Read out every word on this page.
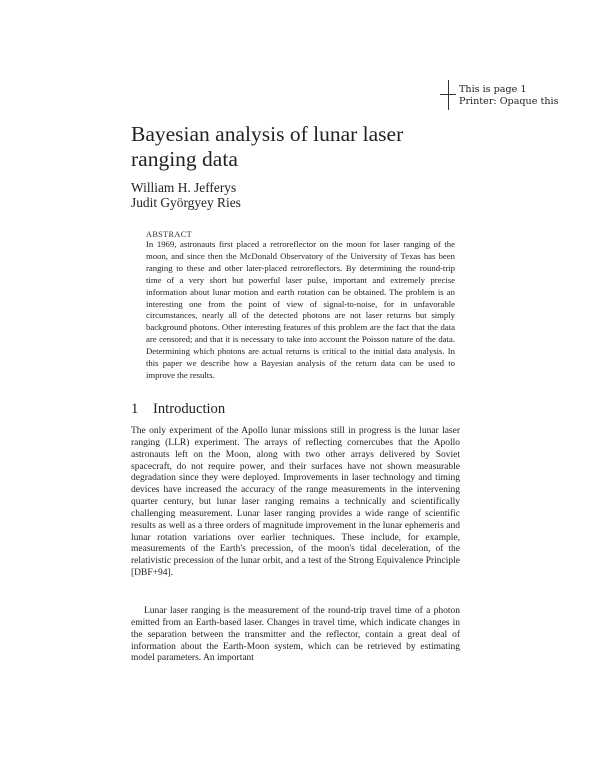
This is page 1
Printer: Opaque this
Bayesian analysis of lunar laser ranging data
William H. Jefferys
Judit Györgyey Ries
ABSTRACT

In 1969, astronauts first placed a retroreflector on the moon for laser ranging of the moon, and since then the McDonald Observatory of the University of Texas has been ranging to these and other later-placed retroreflectors. By determining the round-trip time of a very short but powerful laser pulse, important and extremely precise information about lunar motion and earth rotation can be obtained. The problem is an interesting one from the point of view of signal-to-noise, for in unfavorable circumstances, nearly all of the detected photons are not laser returns but simply background photons. Other interesting features of this problem are the fact that the data are censored; and that it is necessary to take into account the Poisson nature of the data. Determining which photons are actual returns is critical to the initial data analysis. In this paper we describe how a Bayesian analysis of the return data can be used to improve the results.

1 Introduction

The only experiment of the Apollo lunar missions still in progress is the lunar laser ranging (LLR) experiment. The arrays of reflecting cornercubes that the Apollo astronauts left on the Moon, along with two other arrays delivered by Soviet spacecraft, do not require power, and their surfaces have not shown measurable degradation since they were deployed. Improvements in laser technology and timing devices have increased the accuracy of the range measurements in the intervening quarter century, but lunar laser ranging remains a technically and scientifically challenging measurement. Lunar laser ranging provides a wide range of scientific results as well as a three orders of magnitude improvement in the lunar ephemeris and lunar rotation variations over earlier techniques. These include, for example, measurements of the Earth's precession, of the moon's tidal deceleration, of the relativistic precession of the lunar orbit, and a test of the Strong Equivalence Principle [DBF+94].

Lunar laser ranging is the measurement of the round-trip travel time of a photon emitted from an Earth-based laser. Changes in travel time, which indicate changes in the separation between the transmitter and the reflector, contain a great deal of information about the Earth-Moon system, which can be retrieved by estimating model parameters. An important
